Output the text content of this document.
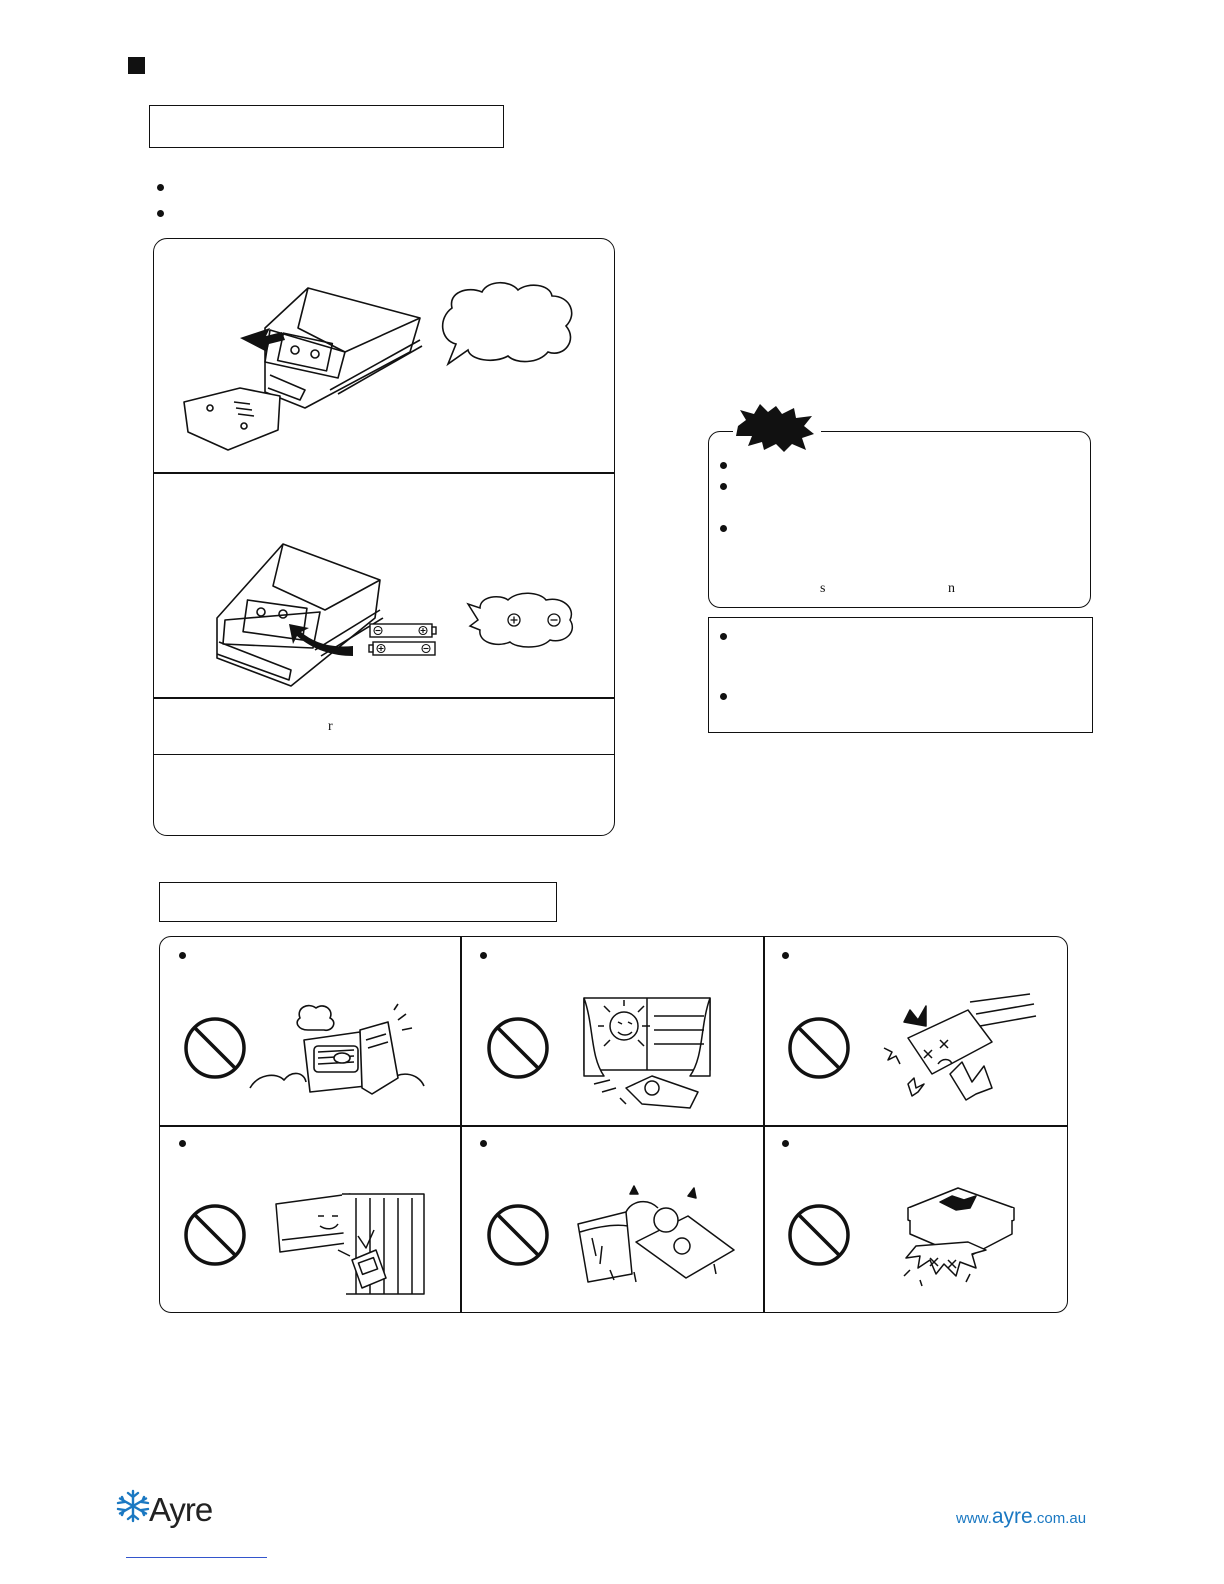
r
s	n
Ayre	www.ayre.com.au
